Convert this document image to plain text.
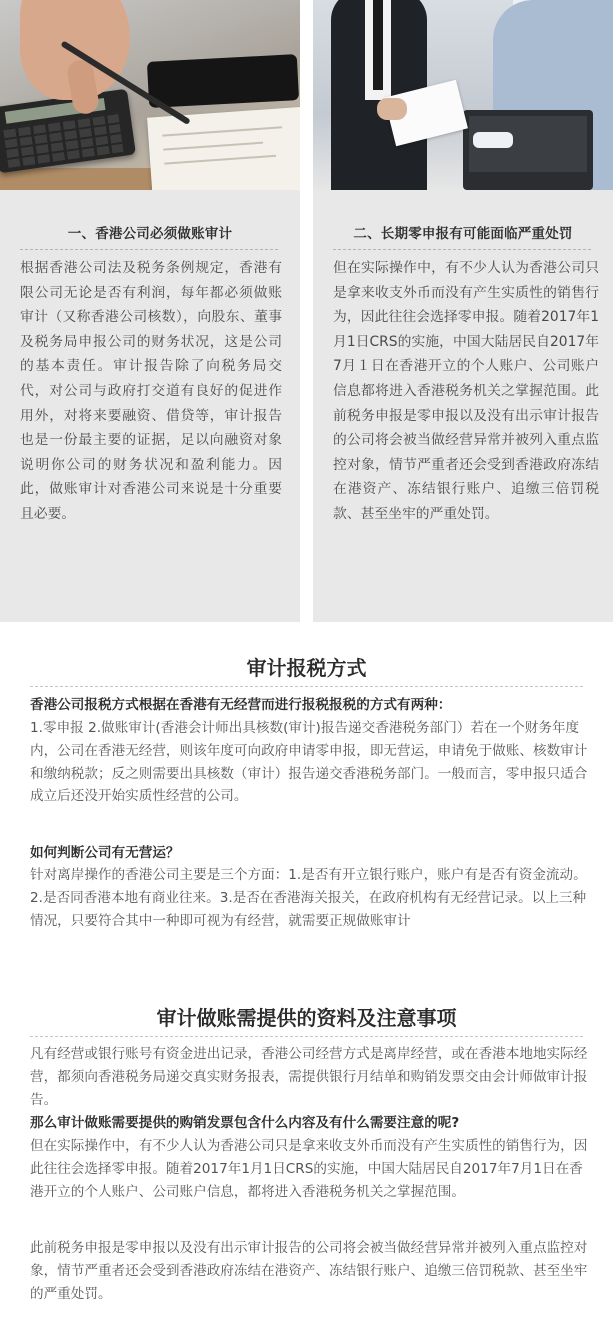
一、香港公司必须做账审计
根据香港公司法及税务条例规定，香港有限公司无论是否有利润，每年都必须做账审计（又称香港公司核数），向股东、董事及税务局申报公司的财务状况，这是公司的基本责任。审计报告除了向税务局交代，对公司与政府打交道有良好的促进作用外，对将来要融资、借贷等，审计报告也是一份最主要的证据，足以向融资对象说明你公司的财务状况和盈利能力。因此，做账审计对香港公司来说是十分重要且必要。
二、长期零申报有可能面临严重处罚
但在实际操作中，有不少人认为香港公司只是拿来收支外币而没有产生实质性的销售行为，因此往往会选择零申报。随着2017年1月1日CRS的实施，中国大陆居民自2017年7月１日在香港开立的个人账户、公司账户信息都将进入香港税务机关之掌握范围。此前税务申报是零申报以及没有出示审计报告的公司将会被当做经营异常并被列入重点监控对象，情节严重者还会受到香港政府冻结在港资产、冻结银行账户、追缴三倍罚税款、甚至坐牢的严重处罚。
审计报税方式
香港公司报税方式根据在香港有无经营而进行报税报税的方式有两种：
1.零申报 2.做账审计(香港会计师出具核数(审计)报告递交香港税务部门）若在一个财务年度内，公司在香港无经营，则该年度可向政府申请零申报，即无营运，申请免于做账、核数审计和缴纳税款；反之则需要出具核数（审计）报告递交香港税务部门。一般而言，零申报只适合成立后还没开始实质性经营的公司。
如何判断公司有无营运？
针对离岸操作的香港公司主要是三个方面：1.是否有开立银行账户，账户有是否有资金流动。2.是否同香港本地有商业往来。3.是否在香港海关报关，在政府机构有无经营记录。以上三种情况，只要符合其中一种即可视为有经营，就需要正规做账审计
审计做账需提供的资料及注意事项
凡有经营或银行账号有资金进出记录，香港公司经营方式是离岸经营，或在香港本地地实际经营，都须向香港税务局递交真实财务报表，需提供银行月结单和购销发票交由会计师做审计报告。
那么审计做账需要提供的购销发票包含什么内容及有什么需要注意的呢?
但在实际操作中，有不少人认为香港公司只是拿来收支外币而没有产生实质性的销售行为，因此往往会选择零申报。随着2017年1月1日CRS的实施，中国大陆居民自2017年7月1日在香港开立的个人账户、公司账户信息，都将进入香港税务机关之掌握范围。
此前税务申报是零申报以及没有出示审计报告的公司将会被当做经营异常并被列入重点监控对象，情节严重者还会受到香港政府冻结在港资产、冻结银行账户、追缴三倍罚税款、甚至坐牢的严重处罚。
